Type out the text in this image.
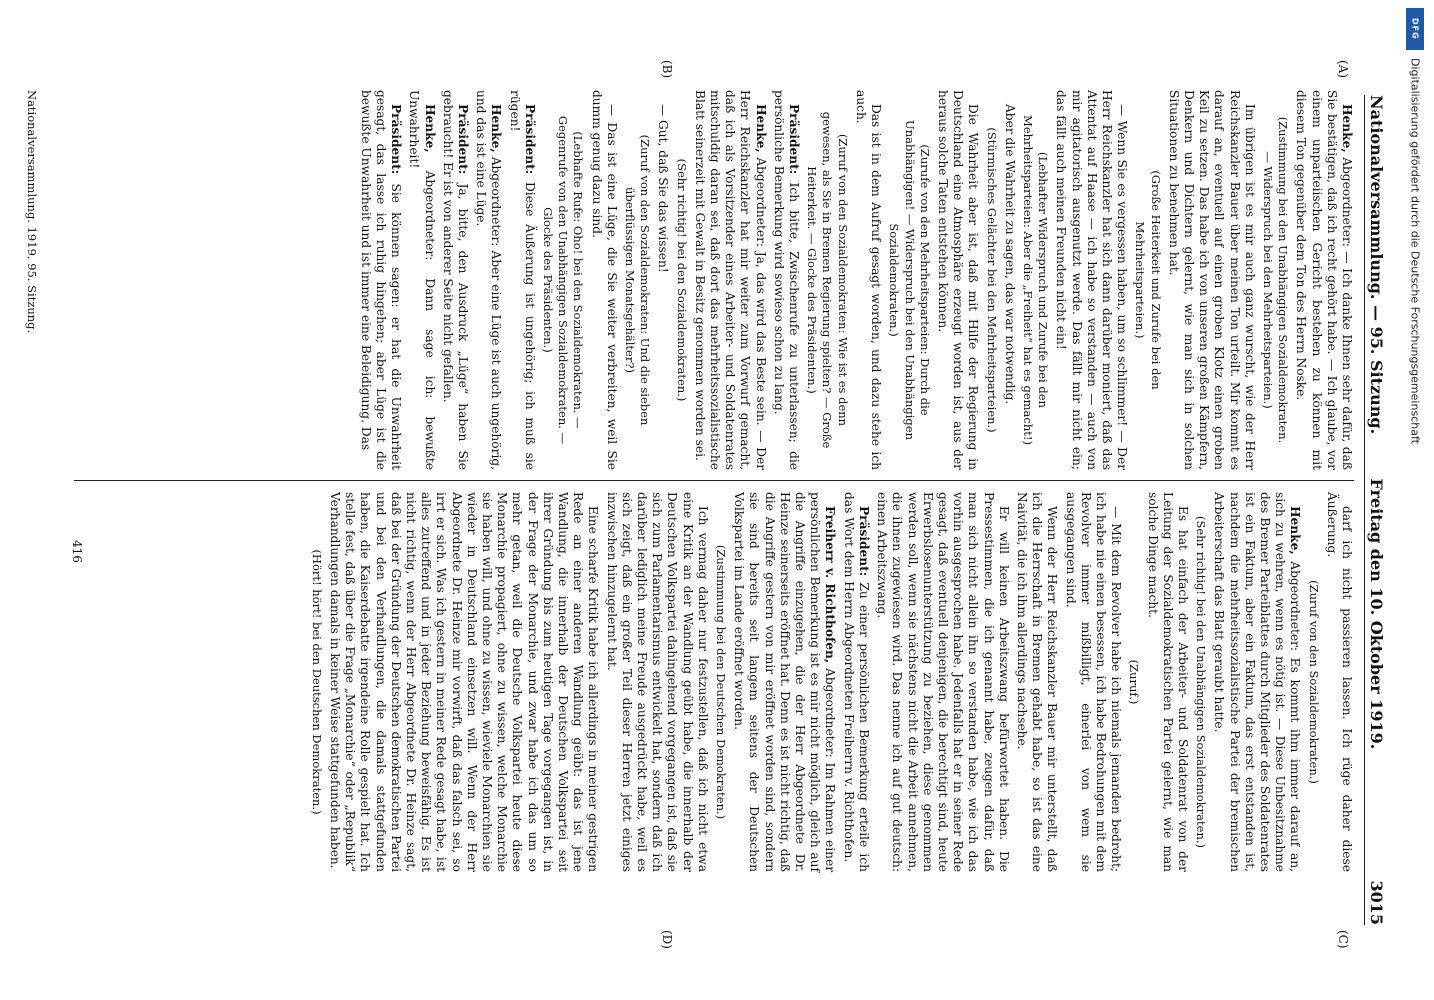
Nationalversammlung. — 95. Sitzung.
Freitag den 10. Oktober 1919.  3015
(A)
(B)
(C)
(D)

Henke, Abgeordneter: — Ich danke Ihnen sehr dafür, daß Sie bestätigen, daß ich recht gehört habe. — Ich glaube, vor einem unparteiischen Gericht bestehen zu können mit diesem Ton gegenüber dem Ton des Herrn Noske.

(Zustimmung bei den Unabhängigen Sozialdemokraten. — Widerspruch bei den Mehrheitsparteien.)

Im übrigen ist es mir auch ganz wurscht, wie der Herr Reichskanzler Bauer über meinen Ton urteilt. Mir kommt es darauf an, eventuell auf einen groben Klotz einen groben Keil zu setzen. Das habe ich von unseren großen Kämpfern, Denkern und Dichtern gelernt, wie man sich in solchen Situationen zu benehmen hat.

(Große Heiterkeit und Zurufe bei den Mehrheitsparteien.)

— Wenn Sie es vergessen haben, um so schlimmer! — Der Herr Reichskanzler hat sich dann darüber moniert, daß das Attentat auf Haase — ich habe so verstanden — auch von mir agitatorisch ausgenutzt werde. Das fällt mir nicht ein; das fällt auch meinen Freunden nicht ein!

(Lebhafter Widerspruch und Zurufe bei den Mehrheitsparteien: Aber die „Freiheit“ hat es gemacht!)

Aber die Wahrheit zu sagen, das war notwendig.

(Stürmisches Gelächter bei den Mehrheitsparteien.)

Die Wahrheit aber ist, daß mit Hilfe der Regierung in Deutschland eine Atmosphäre erzeugt worden ist, aus der heraus solche Taten entstehen können.

(Zurufe von den Mehrheitsparteien: Durch die Unabhängigen! — Widerspruch bei den Unabhängigen Sozialdemokraten.)

Das ist in dem Aufruf gesagt worden, und dazu stehe ich auch.

(Zuruf von den Sozialdemokraten: Wie ist es denn gewesen, als Sie in Bremen Regierung spielten? — Große Heiterkeit. — Glocke des Präsidenten.)

Präsident: Ich bitte, Zwischenrufe zu unterlassen; die persönliche Bemerkung wird sowieso schon zu lang.

Henke, Abgeordneter: Ja, das wird das Beste sein. — Der Herr Reichskanzler hat mir weiter zum Vorwurf gemacht, daß ich als Vorsitzender eines Arbeiter- und Soldatenrates mitschuldig daran sei, daß dort das mehrheitssozialistische Blatt seinerzeit mit Gewalt in Besitz genommen worden sei.

(Sehr richtig! bei den Sozialdemokraten.)

— Gut, daß Sie das wissen!

(Zuruf von den Sozialdemokraten: Und die sieben überflüssigen Monatsgehälter?)

— Das ist eine Lüge, die Sie weiter verbreiten, weil Sie dumm genug dazu sind.

(Lebhafte Rufe: Oho! bei den Sozialdemokraten. — Gegenrufe von den Unabhängigen Sozialdemokraten. — Glocke des Präsidenten.)

Präsident: Diese Äußerung ist ungehörig; ich muß sie rügen!

Henke, Abgeordneter: Aber eine Lüge ist auch ungehörig, und das ist eine Lüge.

Präsident: Ja, bitte, den Ausdruck „Lüge“ haben Sie gebraucht! Er ist von anderer Seite nicht gefallen.

Henke, Abgeordneter: Dann sage ich: bewußte Unwahrheit!

Präsident: Sie können sagen: er hat die Unwahrheit gesagt, das lasse ich ruhig hingehen; aber Lüge ist die bewußte Unwahrheit und ist immer eine Beleidigung. Das

darf ich nicht passieren lassen. Ich rüge daher diese Äußerung.

(Zuruf von den Sozialdemokraten.)

Henke, Abgeordneter: Es kommt ihm immer darauf an, sich zu wehren, wenn es nötig ist. — Diese Unbesitznahme des Bremer Parteiblattes durch Mitglieder des Soldatenrates ist ein Faktum, aber ein Faktum, das erst entstanden ist, nachdem die mehrheitssozialistische Partei der bremischen Arbeiterschaft das Blatt geraubt hatte.

(Sehr richtig! bei den Unabhängigen Sozialdemokraten.)

Es hat einfach der Arbeiter- und Soldatenrat von der Leitung der Sozialdemokratischen Partei gelernt, wie man solche Dinge macht.

(Zuruf.)

— Mit dem Revolver habe ich niemals jemanden bedroht; ich habe nie einen besessen, ich habe Bedrohungen mit dem Revolver immer mißbilligt, einerlei von wem sie ausgegangen sind.

Wenn der Herr Reichskanzler Bauer mir unterstellt, daß ich die Herrschaft in Bremen gehabt habe, so ist das eine Naivität, die ich ihm allerdings nachsehe.

Er will keinen Arbeitszwang befürwortet haben. Die Pressestimmen, die ich genannt habe, zeugen dafür, daß man sich nicht allein ihn so verstanden habe, wie ich das vorhin ausgesprochen habe. Jedenfalls hat er in seiner Rede gesagt, daß eventuell denjenigen, die berechtigt sind, heute Erwerbslosenunterstützung zu beziehen, diese genommen werden soll, wenn sie nächstens nicht die Arbeit annehmen, die ihnen zugewiesen wird. Das nenne ich auf gut deutsch: einen Arbeitszwang.

Präsident: Zu einer persönlichen Bemerkung erteile ich das Wort dem Herrn Abgeordneten Freiherrn v. Richthofen.

Freiherr v. Richthofen, Abgeordneter: Im Rahmen einer persönlichen Bemerkung ist es mir nicht möglich, gleich auf die Angriffe einzugehen, die der Herr Abgeordnete Dr. Heinze seinerseits eröffnet hat. Denn es ist nicht richtig, daß die Angriffe gestern von mir eröffnet worden sind, sondern sie sind bereits seit langem seitens der Deutschen Volkspartei im Lande eröffnet worden.

(Zustimmung bei den Deutschen Demokraten.)

Ich vermag daher nur festzustellen, daß ich nicht etwa eine Kritik an der Wandlung geübt habe, die innerhalb der Deutschen Volkspartei dahingehend vorgegangen ist, daß sie sich zum Parlamentarismus entwickelt hat, sondern daß ich darüber lediglich meine Freude ausgedrückt habe, weil es sich zeigt, daß ein großer Teil dieser Herren jetzt einiges inzwischen hinzugelernt hat.

Eine scharfe Kritik habe ich allerdings in meiner gestrigen Rede an einer anderen Wandlung geübt: das ist jene Wandlung, die innerhalb der Deutschen Volkspartei seit ihrer Gründung bis zum heutigen Tage vorgegangen ist, in der Frage der Monarchie, und zwar habe ich das um so mehr getan, weil die Deutsche Volkspartei heute diese Monarchie propagiert, ohne zu wissen, welche Monarchie sie haben will, und ohne zu wissen, wieviele Monarchien sie wieder in Deutschland einsetzen will. Wenn der Herr Abgeordnete Dr. Heinze mir vorwirft, daß das falsch sei, so irrt er sich. Was ich gestern in meiner Rede gesagt habe, ist alles zutreffend und in jeder Beziehung beweisfähig. Es ist nicht richtig, wenn der Herr Abgeordnete Dr. Heinze sagt, daß bei der Gründung der Deutschen demokratischen Partei und bei den Verhandlungen, die damals stattgefunden haben, die Kaiserdebatte irgendeine Rolle gespielt hat. Ich stelle fest, daß über die Frage „Monarchie“ oder „Republik“ Verhandlungen damals in keiner Weise stattgefunden haben.

(Hört! hört! bei den Deutschen Demokraten.)

416
Nationalversammlung. 1919. 95. Sitzung.
DFG
Digitalisierung gefördert durch die Deutsche Forschungsgemeinschaft
